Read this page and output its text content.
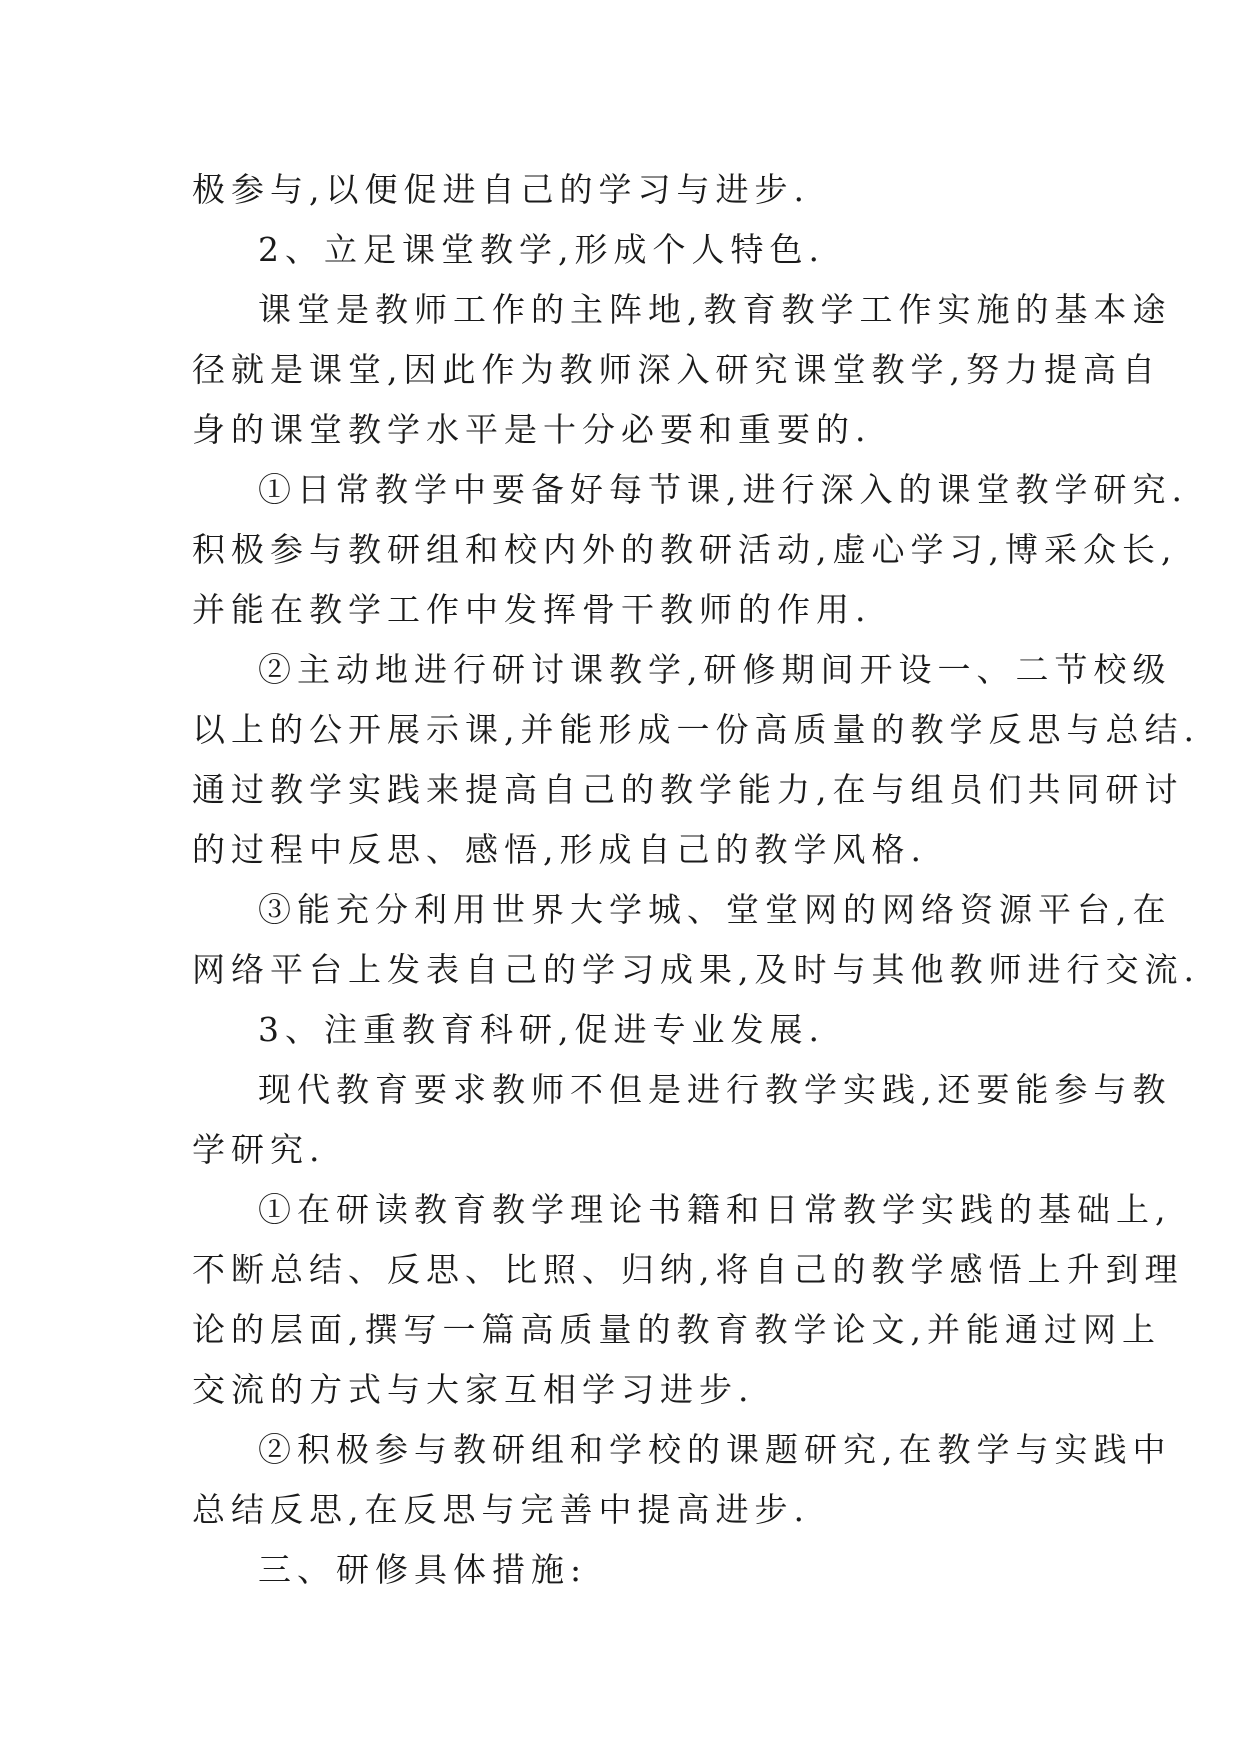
极参与,以便促进自己的学习与进步.
2、立足课堂教学,形成个人特色.
课堂是教师工作的主阵地,教育教学工作实施的基本途
径就是课堂,因此作为教师深入研究课堂教学,努力提高自
身的课堂教学水平是十分必要和重要的.
①日常教学中要备好每节课,进行深入的课堂教学研究.
积极参与教研组和校内外的教研活动,虚心学习,博采众长,
并能在教学工作中发挥骨干教师的作用.
②主动地进行研讨课教学,研修期间开设一、二节校级
以上的公开展示课,并能形成一份高质量的教学反思与总结.
通过教学实践来提高自己的教学能力,在与组员们共同研讨
的过程中反思、感悟,形成自己的教学风格.
③能充分利用世界大学城、堂堂网的网络资源平台,在
网络平台上发表自己的学习成果,及时与其他教师进行交流.
3、注重教育科研,促进专业发展.
现代教育要求教师不但是进行教学实践,还要能参与教
学研究.
①在研读教育教学理论书籍和日常教学实践的基础上,
不断总结、反思、比照、归纳,将自己的教学感悟上升到理
论的层面,撰写一篇高质量的教育教学论文,并能通过网上
交流的方式与大家互相学习进步.
②积极参与教研组和学校的课题研究,在教学与实践中
总结反思,在反思与完善中提高进步.
三、研修具体措施:
